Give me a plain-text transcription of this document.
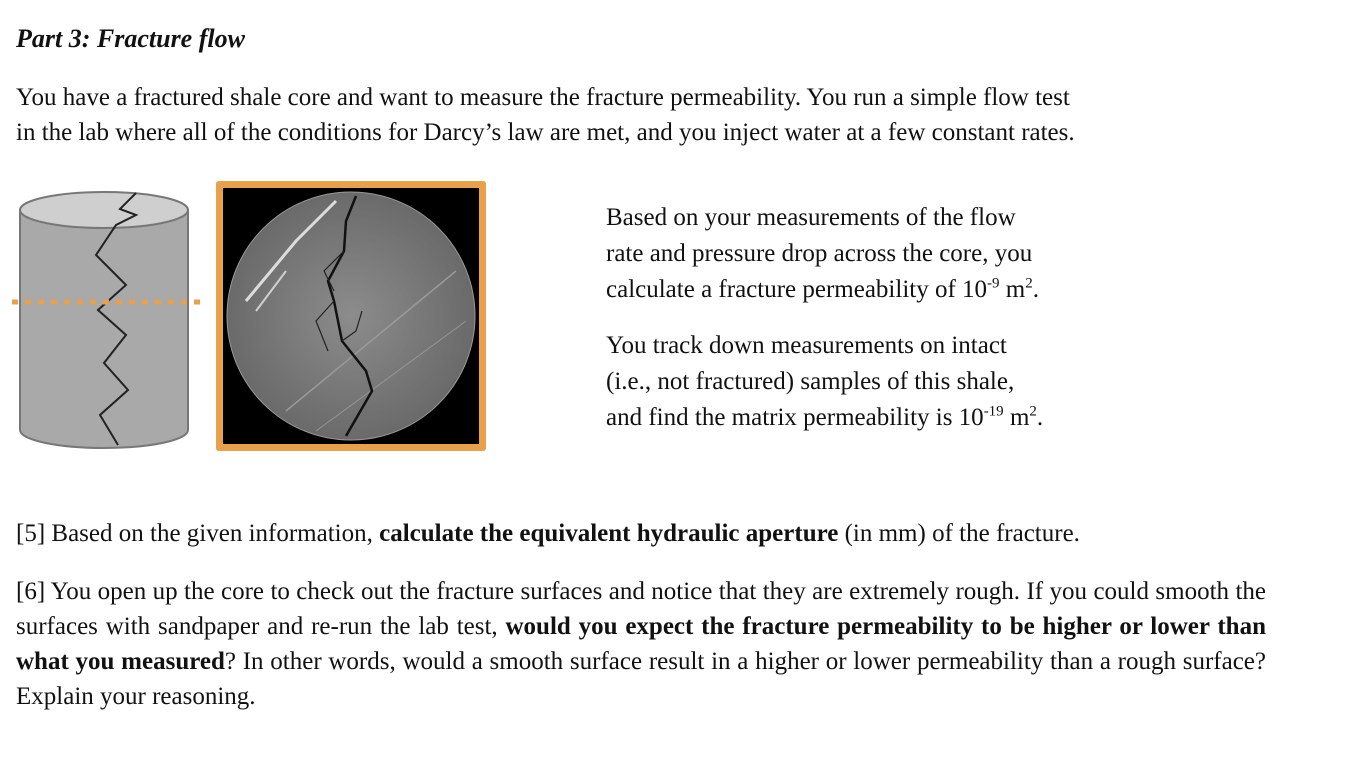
Part 3: Fracture flow
You have a fractured shale core and want to measure the fracture permeability. You run a simple flow test
in the lab where all of the conditions for Darcy’s law are met, and you inject water at a few constant rates.

Based on your measurements of the flow
rate and pressure drop across the core, you
calculate a fracture permeability of $10^{-9}$ $m^2$.

You track down measurements on intact
(i.e., not fractured) samples of this shale,
and find the matrix permeability is $10^{-19}$ $m^2$.

[5] Based on the given information, calculate the equivalent hydraulic aperture (in mm) of the fracture.
[6] You open up the core to check out the fracture surfaces and notice that they are extremely rough. If you could smooth the surfaces with sandpaper and re-run the lab test, would you expect the fracture permeability to be higher or lower than what you measured? In other words, would a smooth surface result in a higher or lower permeability than a rough surface? Explain your reasoning.
